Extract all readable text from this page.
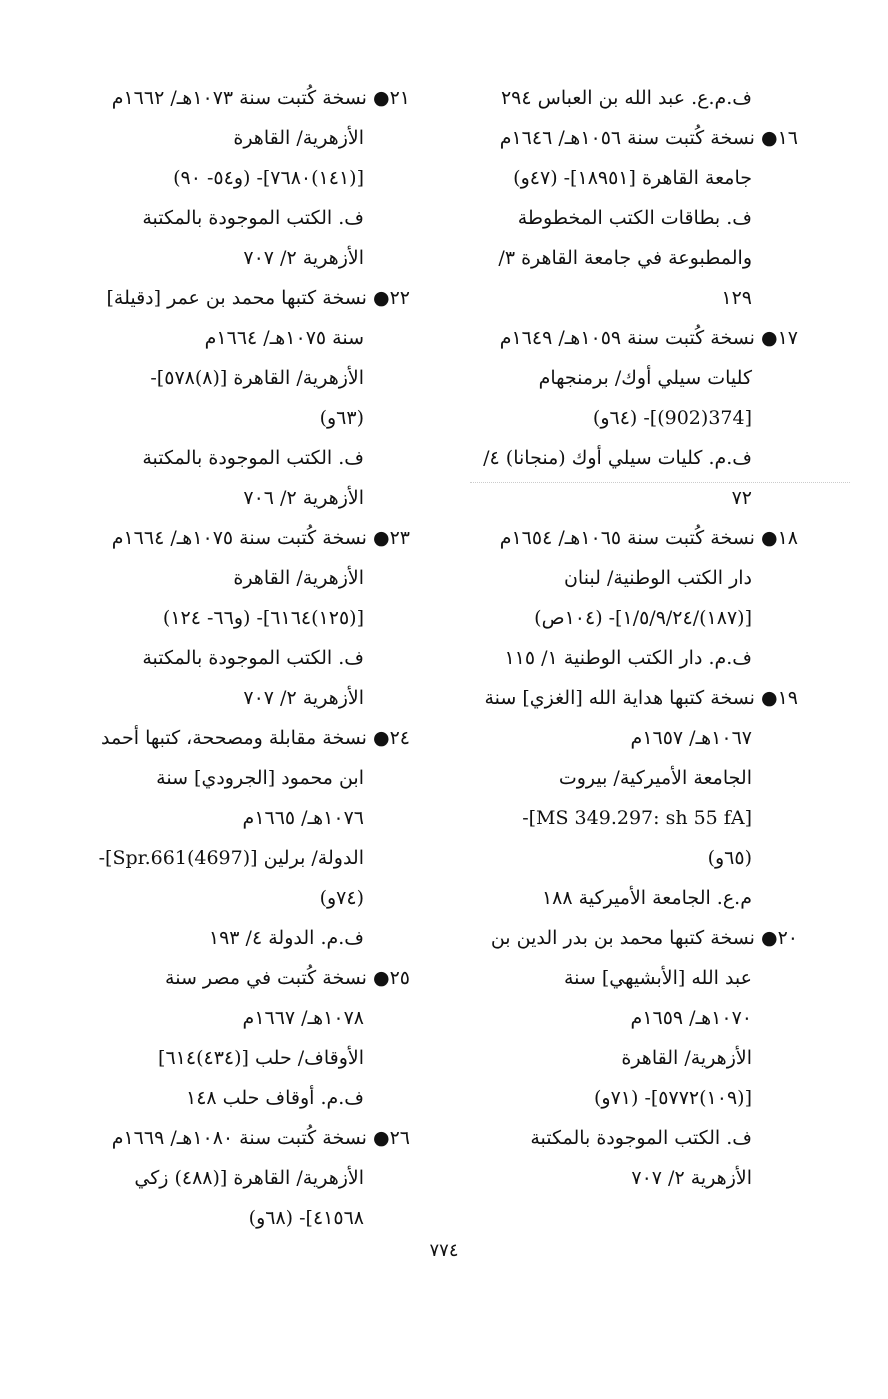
ف.م.ع. عبد الله بن العباس ٢٩٤
١٦● نسخة كُتبت سنة ١٠٥٦هـ/ ١٦٤٦م
جامعة القاهرة [١٨٩٥١]- (٤٧و)
ف. بطاقات الكتب المخطوطة
والمطبوعة في جامعة القاهرة ٣/
١٢٩
١٧● نسخة كُتبت سنة ١٠٥٩هـ/ ١٦٤٩م
كليات سيلي أوك/ برمنجهام
[374(902)]- (٦٤و)
ف.م. كليات سيلي أوك (منجانا) ٤/
٧٢
١٨● نسخة كُتبت سنة ١٠٦٥هـ/ ١٦٥٤م
دار الكتب الوطنية/ لبنان
[(١٨٧)/١/٥/٩/٢٤]- (١٠٤ص)
ف.م. دار الكتب الوطنية ١/ ١١٥
١٩● نسخة كتبها هداية الله [الغزي] سنة
١٠٦٧هـ/ ١٦٥٧م
الجامعة الأميركية/ بيروت
[MS 349.297: sh 55 fA]-
(٦٥و)
م.ع. الجامعة الأميركية ١٨٨
٢٠● نسخة كتبها محمد بن بدر الدين بن
عبد الله [الأبشيهي] سنة
١٠٧٠هـ/ ١٦٥٩م
الأزهرية/ القاهرة
[(١٠٩)٥٧٧٢]- (٧١و)
ف. الكتب الموجودة بالمكتبة
الأزهرية ٢/ ٧٠٧
٢١● نسخة كُتبت سنة ١٠٧٣هـ/ ١٦٦٢م
الأزهرية/ القاهرة
[(١٤١)٧٦٨٠]- (و٥٤- ٩٠)
ف. الكتب الموجودة بالمكتبة
الأزهرية ٢/ ٧٠٧
٢٢● نسخة كتبها محمد بن عمر [دقيلة]
سنة ١٠٧٥هـ/ ١٦٦٤م
الأزهرية/ القاهرة [(٨)٥٧٨]-
(٦٣و)
ف. الكتب الموجودة بالمكتبة
الأزهرية ٢/ ٧٠٦
٢٣● نسخة كُتبت سنة ١٠٧٥هـ/ ١٦٦٤م
الأزهرية/ القاهرة
[(١٢٥)٦١٦٤]- (و٦٦- ١٢٤)
ف. الكتب الموجودة بالمكتبة
الأزهرية ٢/ ٧٠٧
٢٤● نسخة مقابلة ومصححة، كتبها أحمد
ابن محمود [الجرودي] سنة
١٠٧٦هـ/ ١٦٦٥م
الدولة/ برلين [(4697)Spr.661]-
(٧٤و)
ف.م. الدولة ٤/ ١٩٣
٢٥● نسخة كُتبت في مصر سنة
١٠٧٨هـ/ ١٦٦٧م
الأوقاف/ حلب [(٤٣٤)٦١٤]
ف.م. أوقاف حلب ١٤٨
٢٦● نسخة كُتبت سنة ١٠٨٠هـ/ ١٦٦٩م
الأزهرية/ القاهرة [(٤٨٨) زكي
٤١٥٦٨]- (٦٨و)
٧٧٤
